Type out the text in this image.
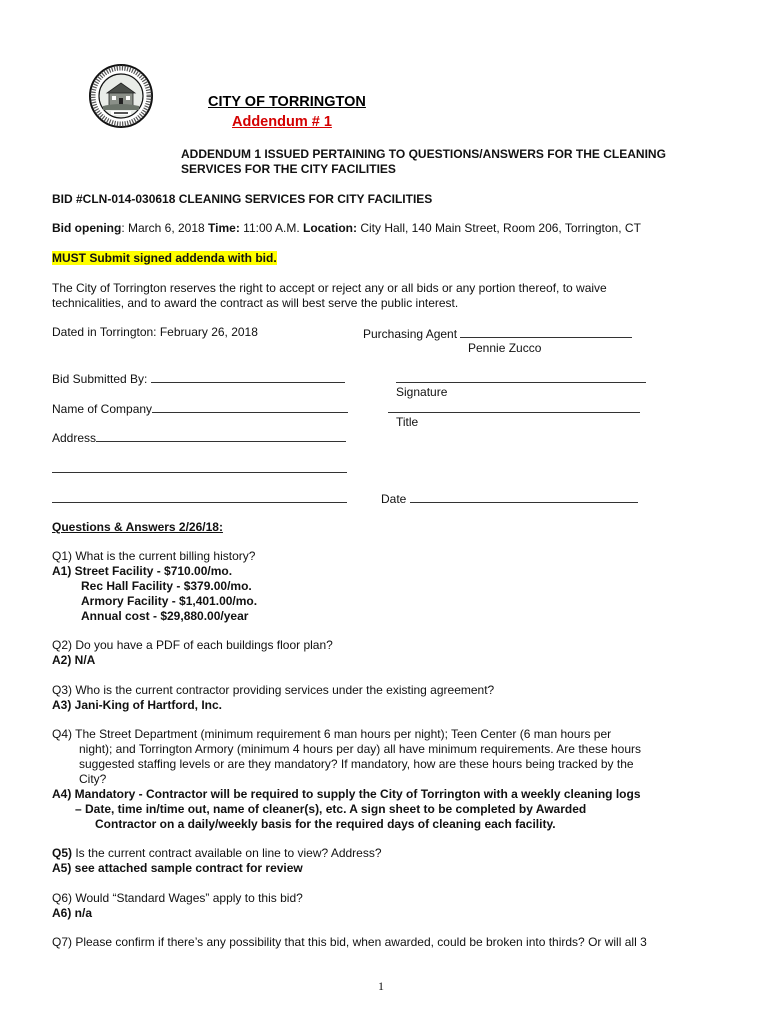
CITY OF TORRINGTON
Addendum # 1
ADDENDUM 1 ISSUED PERTAINING TO QUESTIONS/ANSWERS FOR THE CLEANING
SERVICES FOR THE CITY FACILITIES
BID #CLN-014-030618 CLEANING SERVICES FOR CITY FACILITIES
Bid opening: March 6, 2018 Time: 11:00 A.M. Location: City Hall, 140 Main Street, Room 206, Torrington, CT
MUST Submit signed addenda with bid.
The City of Torrington reserves the right to accept or reject any or all bids or any portion thereof, to waive
technicalities, and to award the contract as will best serve the public interest.
Dated in Torrington: February 26, 2018	Purchasing Agent
Pennie Zucco
Bid Submitted By:
Signature
Name of Company
Title
Address
Date
Questions & Answers 2/26/18:
Q1) What is the current billing history?
A1) Street Facility - $710.00/mo.
Rec Hall Facility - $379.00/mo.
Armory Facility - $1,401.00/mo.
Annual cost - $29,880.00/year
Q2) Do you have a PDF of each buildings floor plan?
A2) N/A
Q3) Who is the current contractor providing services under the existing agreement?
A3) Jani-King of Hartford, Inc.
Q4) The Street Department (minimum requirement 6 man hours per night); Teen Center (6 man hours per
night); and Torrington Armory (minimum 4 hours per day) all have minimum requirements. Are these hours
suggested staffing levels or are they mandatory? If mandatory, how are these hours being tracked by the
City?
A4) Mandatory - Contractor will be required to supply the City of Torrington with a weekly cleaning logs
– Date, time in/time out, name of cleaner(s), etc. A sign sheet to be completed by Awarded
Contractor on a daily/weekly basis for the required days of cleaning each facility.
Q5) Is the current contract available on line to view? Address?
A5) see attached sample contract for review
Q6) Would “Standard Wages” apply to this bid?
A6) n/a
Q7) Please confirm if there’s any possibility that this bid, when awarded, could be broken into thirds? Or will all 3
1
